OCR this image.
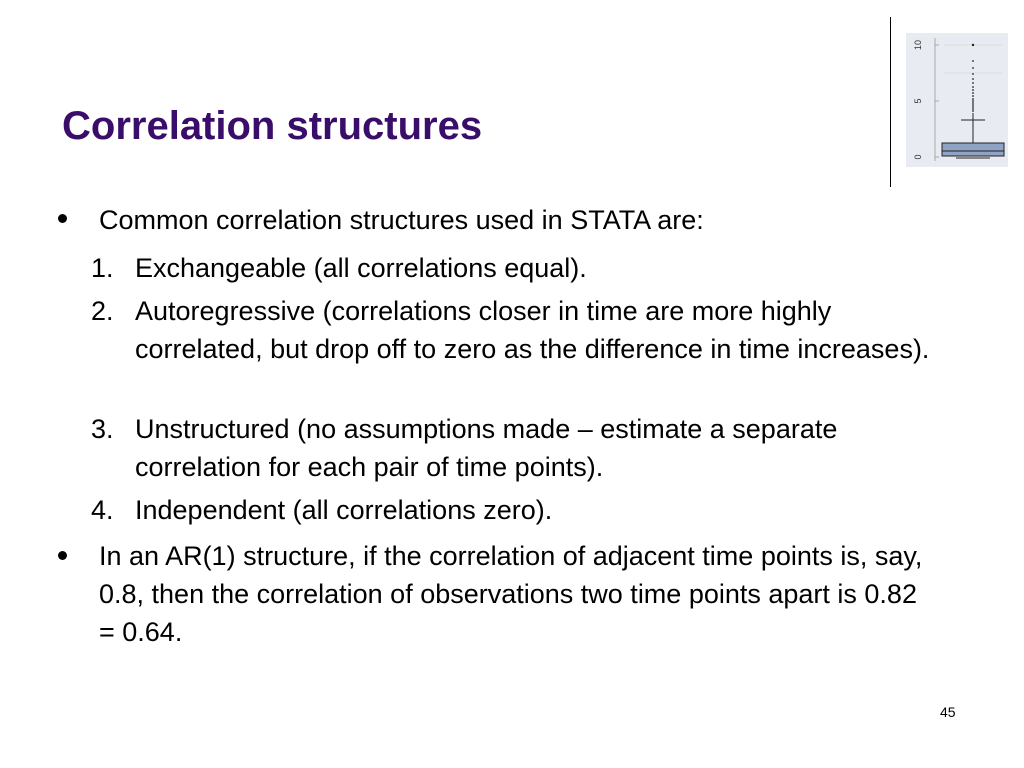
Correlation structures
10
5
0

Common correlation structures used in STATA are:

1. Exchangeable (all correlations equal).

2. Autoregressive (correlations closer in time are more highly correlated, but drop off to zero as the difference in time increases).

3. Unstructured (no assumptions made – estimate a separate correlation for each pair of time points).

4. Independent (all correlations zero).

In an AR(1) structure, if the correlation of adjacent time points is, say, 0.8, then the correlation of observations two time points apart is 0.82 = 0.64.

45
